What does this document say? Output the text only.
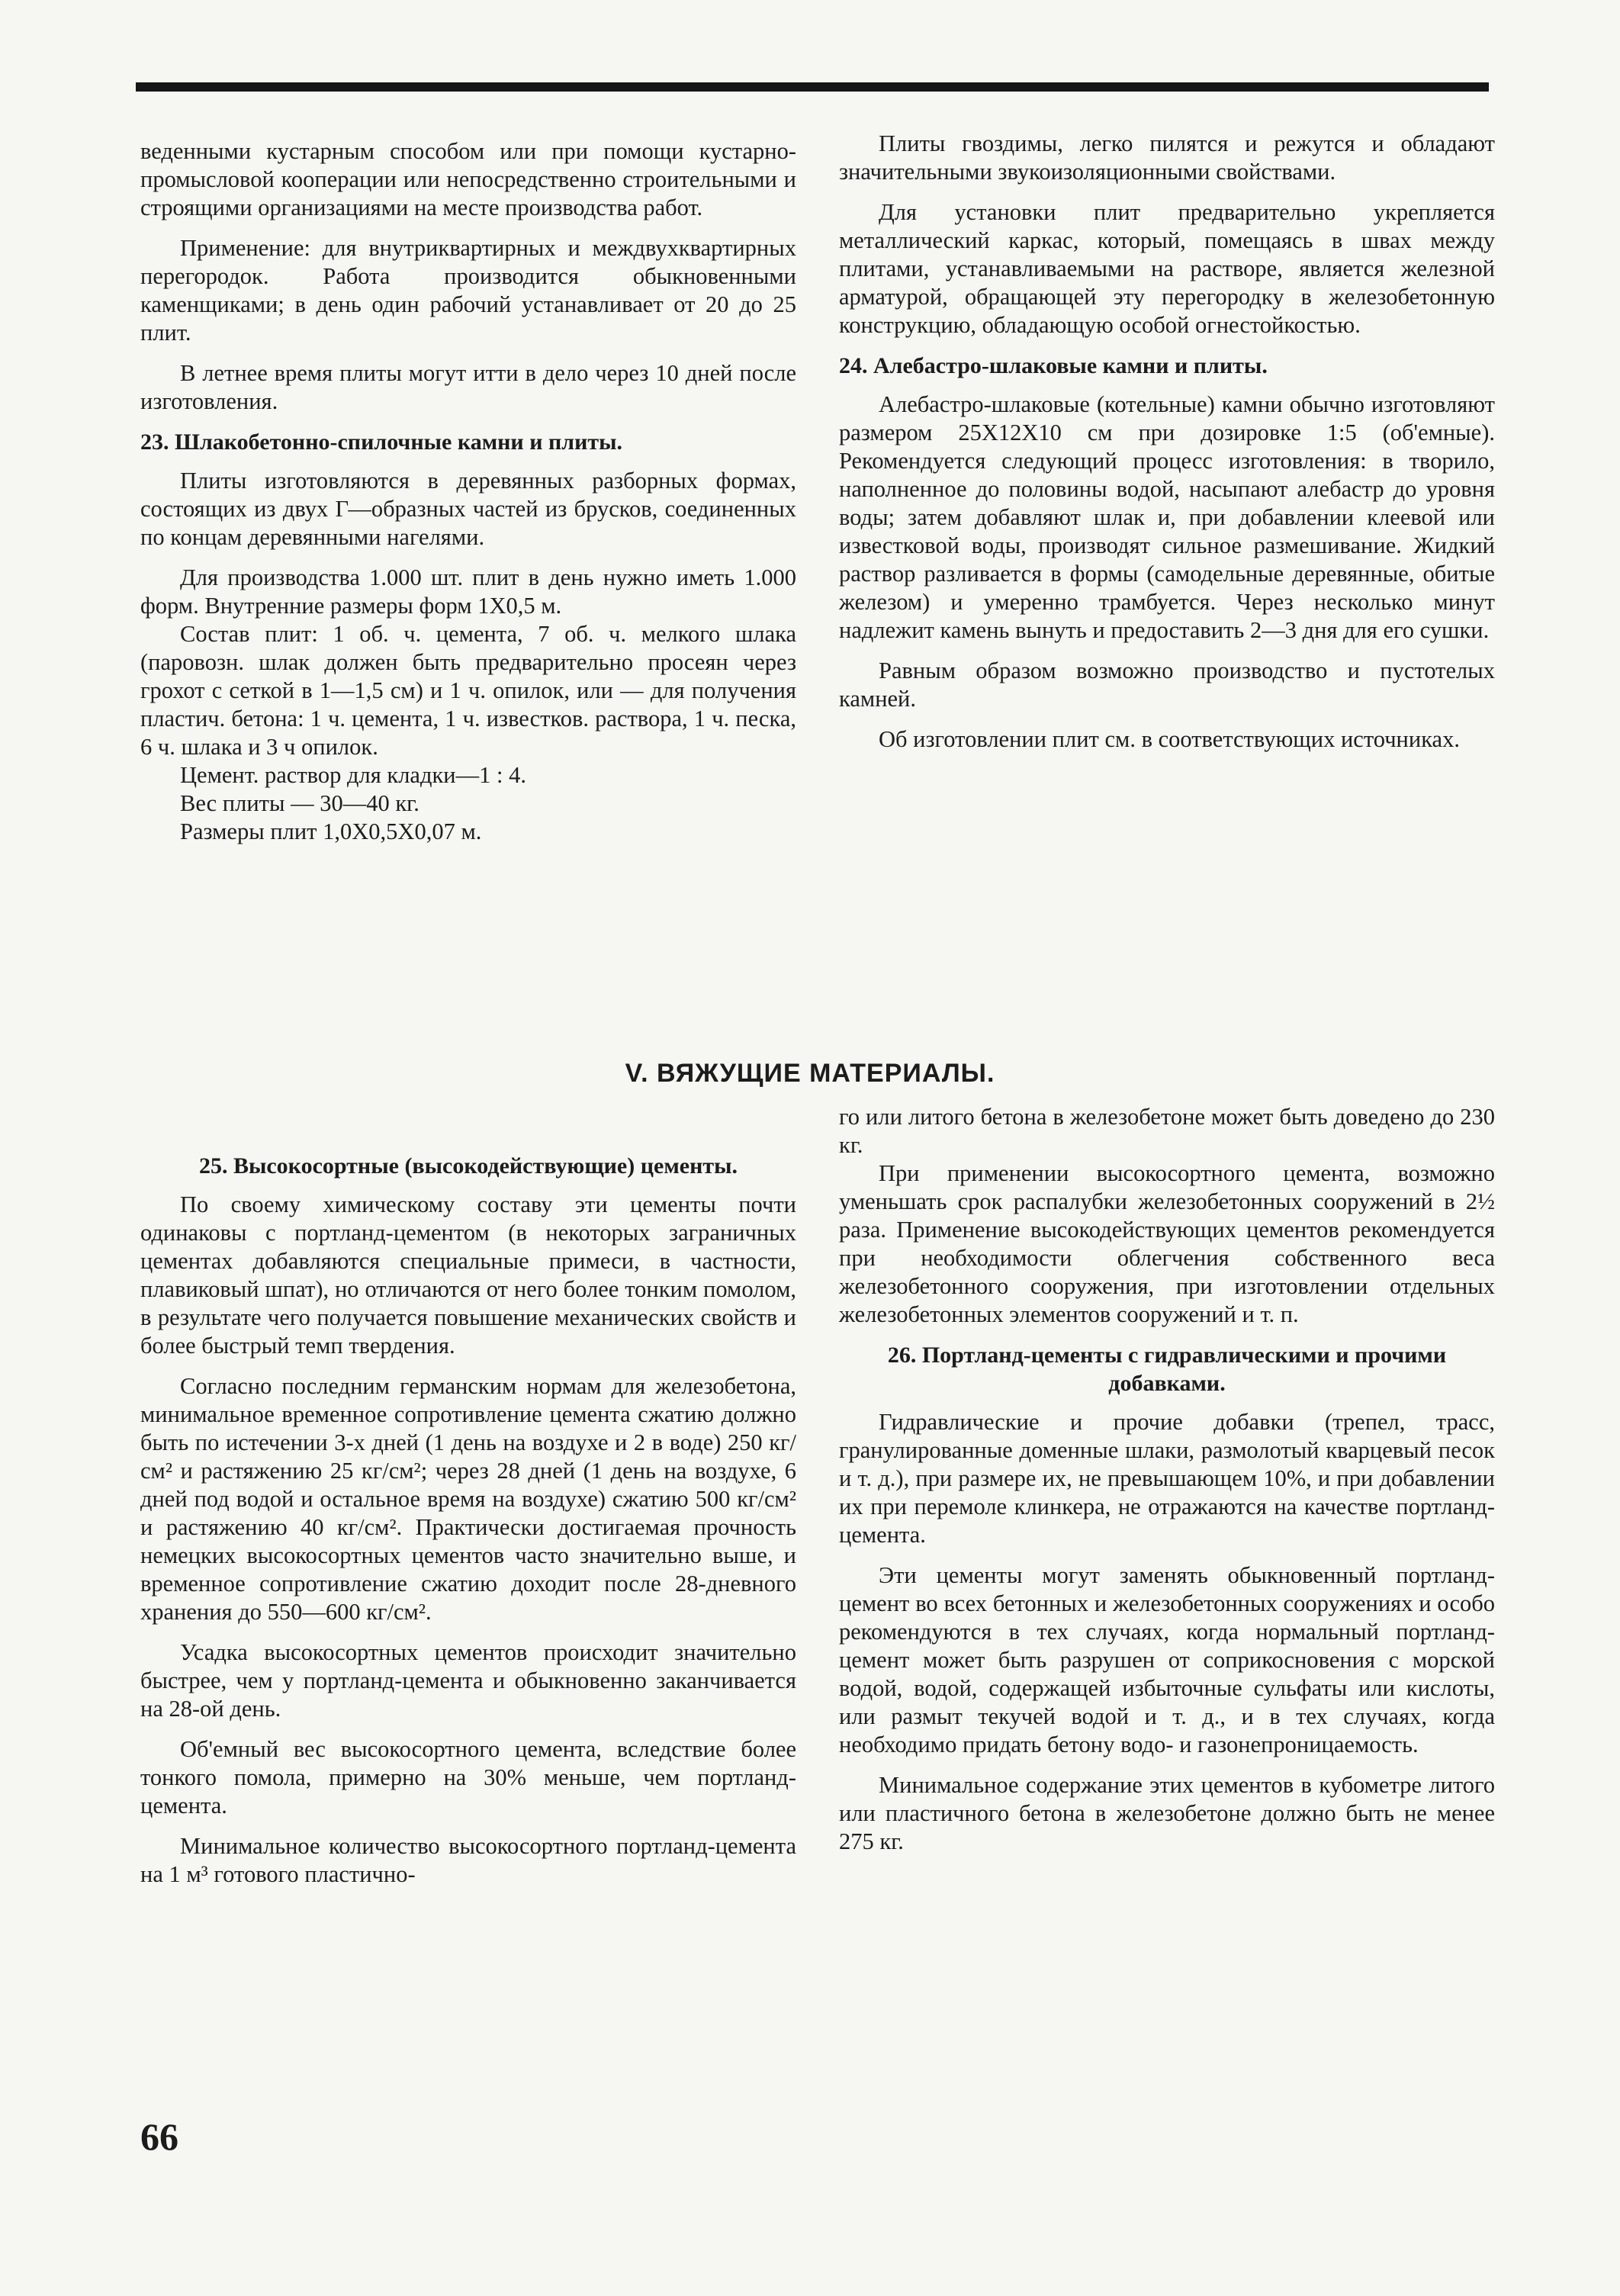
веденными кустарным способом или при помощи кустарно-промысловой кооперации или непосредственно строительными и строящими организациями на месте производства работ.

Применение: для внутриквартирных и междвухквартирных перегородок. Работа производится обыкновенными каменщиками; в день один рабочий устанавливает от 20 до 25 плит.

В летнее время плиты могут итти в дело через 10 дней после изготовления.

23. Шлакобетонно-спилочные камни и плиты.

Плиты изготовляются в деревянных разборных формах, состоящих из двух Г—образных частей из брусков, соединенных по концам деревянными нагелями.

Для производства 1.000 шт. плит в день нужно иметь 1.000 форм. Внутренние размеры форм 1X0,5 м.

Состав плит: 1 об. ч. цемента, 7 об. ч. мелкого шлака (паровозн. шлак должен быть предварительно просеян через грохот с сеткой в 1—1,5 см) и 1 ч. опилок, или — для получения пластич. бетона: 1 ч. цемента, 1 ч. известков. раствора, 1 ч. песка, 6 ч. шлака и 3 ч опилок.

Цемент. раствор для кладки—1 : 4.

Вес плиты — 30—40 кг.

Размеры плит 1,0X0,5X0,07 м.

Плиты гвоздимы, легко пилятся и режутся и обладают значительными звукоизоляционными свойствами.

Для установки плит предварительно укрепляется металлический каркас, который, помещаясь в швах между плитами, устанавливаемыми на растворе, является железной арматурой, обращающей эту перегородку в железобетонную конструкцию, обладающую особой огнестойкостью.

24. Алебастро-шлаковые камни и плиты.

Алебастро-шлаковые (котельные) камни обычно изготовляют размером 25X12X10 см при дозировке 1:5 (об'емные). Рекомендуется следующий процесс изготовления: в творило, наполненное до половины водой, насыпают алебастр до уровня воды; затем добавляют шлак и, при добавлении клеевой или известковой воды, производят сильное размешивание. Жидкий раствор разливается в формы (самодельные деревянные, обитые железом) и умеренно трамбуется. Через несколько минут надлежит камень вынуть и предоставить 2—3 дня для его сушки.

Равным образом возможно производство и пустотелых камней.

Об изготовлении плит см. в соответствующих источниках.

V. ВЯЖУЩИЕ МАТЕРИАЛЫ.
25. Высокосортные (высокодействующие) цементы.

По своему химическому составу эти цементы почти одинаковы с портланд-цементом (в некоторых заграничных цементах добавляются специальные примеси, в частности, плавиковый шпат), но отличаются от него более тонким помолом, в результате чего получается повышение механических свойств и более быстрый темп твердения.

Согласно последним германским нормам для железобетона, минимальное временное сопротивление цемента сжатию должно быть по истечении 3-х дней (1 день на воздухе и 2 в воде) 250 кг/см² и растяжению 25 кг/см²; через 28 дней (1 день на воздухе, 6 дней под водой и остальное время на воздухе) сжатию 500 кг/см² и растяжению 40 кг/см². Практически достигаемая прочность немецких высокосортных цементов часто значительно выше, и временное сопротивление сжатию доходит после 28-дневного хранения до 550—600 кг/см².

Усадка высокосортных цементов происходит значительно быстрее, чем у портланд-цемента и обыкновенно заканчивается на 28-ой день.

Об'емный вес высокосортного цемента, вследствие более тонкого помола, примерно на 30% меньше, чем портланд-цемента.

Минимальное количество высокосортного портланд-цемента на 1 м³ готового пластично-

го или литого бетона в железобетоне может быть доведено до 230 кг.

При применении высокосортного цемента, возможно уменьшать срок распалубки железобетонных сооружений в 2½ раза. Применение высокодействующих цементов рекомендуется при необходимости облегчения собственного веса железобетонного сооружения, при изготовлении отдельных железобетонных элементов сооружений и т. п.

26. Портланд-цементы с гидравлическими и прочими добавками.

Гидравлические и прочие добавки (трепел, трасс, гранулированные доменные шлаки, размолотый кварцевый песок и т. д.), при размере их, не превышающем 10%, и при добавлении их при перемоле клинкера, не отражаются на качестве портланд-цемента.

Эти цементы могут заменять обыкновенный портланд-цемент во всех бетонных и железобетонных сооружениях и особо рекомендуются в тех случаях, когда нормальный портланд-цемент может быть разрушен от соприкосновения с морской водой, водой, содержащей избыточные сульфаты или кислоты, или размыт текучей водой и т. д., и в тех случаях, когда необходимо придать бетону водо- и газонепроницаемость.

Минимальное содержание этих цементов в кубометре литого или пластичного бетона в железобетоне должно быть не менее 275 кг.

66
